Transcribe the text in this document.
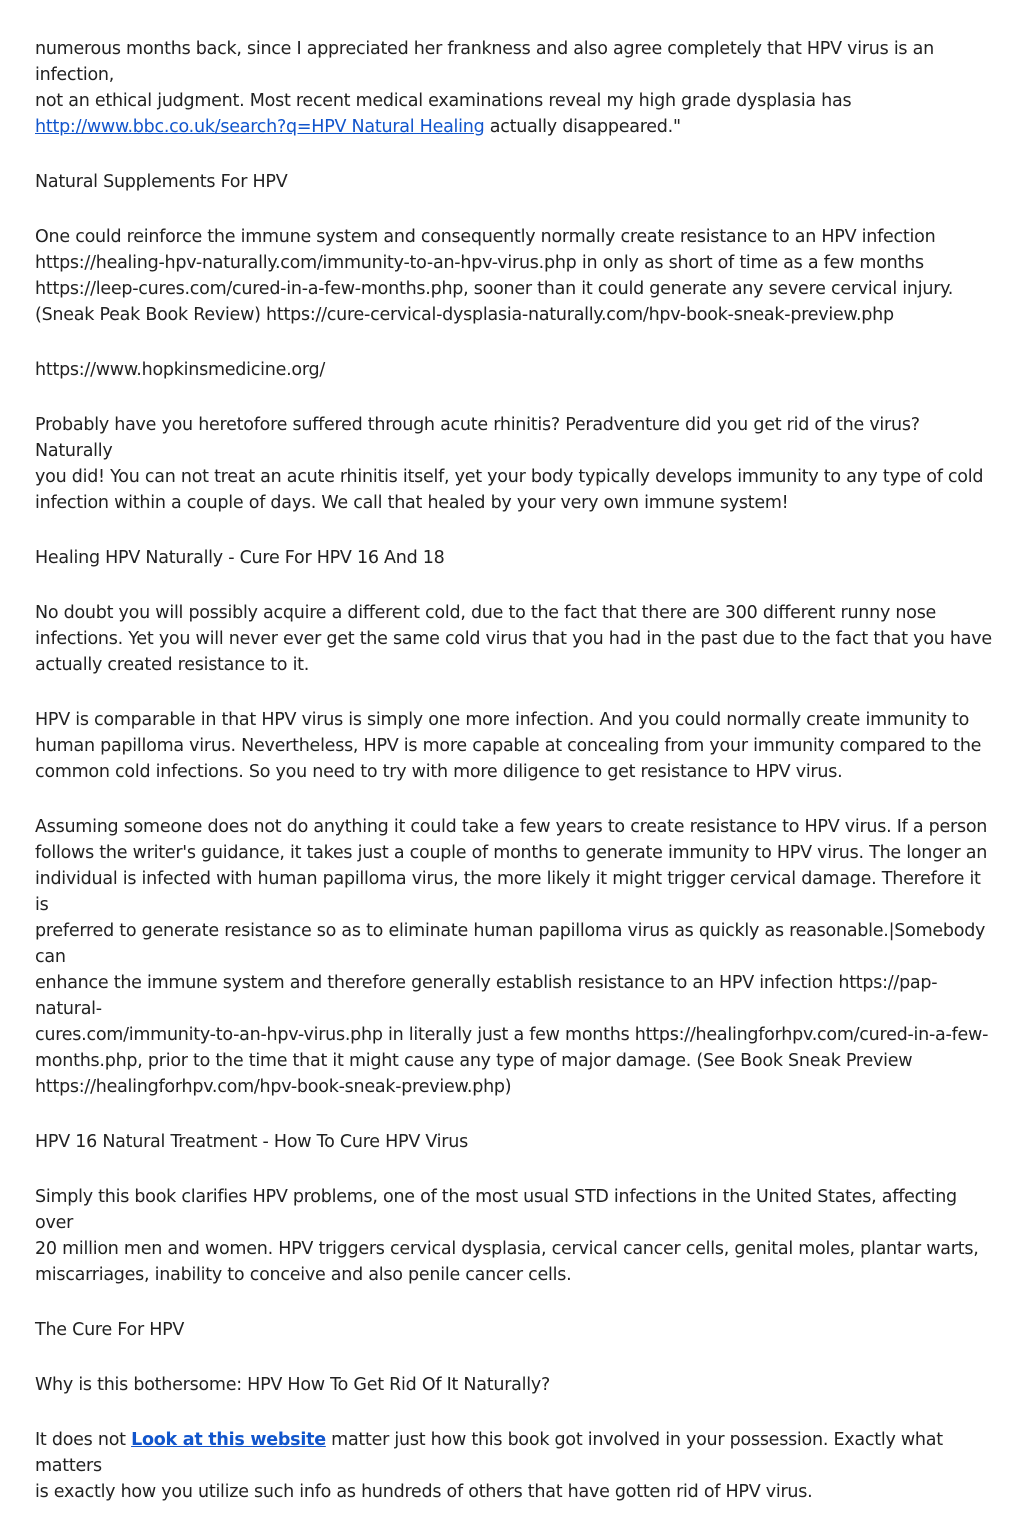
numerous months back, since I appreciated her frankness and also agree completely that HPV virus is an infection,
not an ethical judgment. Most recent medical examinations reveal my high grade dysplasia has
http://www.bbc.co.uk/search?q=HPV Natural Healing actually disappeared."

Natural Supplements For HPV

One could reinforce the immune system and consequently normally create resistance to an HPV infection
https://healing-hpv-naturally.com/immunity-to-an-hpv-virus.php in only as short of time as a few months
https://leep-cures.com/cured-in-a-few-months.php, sooner than it could generate any severe cervical injury.
(Sneak Peak Book Review) https://cure-cervical-dysplasia-naturally.com/hpv-book-sneak-preview.php

https://www.hopkinsmedicine.org/

Probably have you heretofore suffered through acute rhinitis? Peradventure did you get rid of the virus? Naturally
you did! You can not treat an acute rhinitis itself, yet your body typically develops immunity to any type of cold
infection within a couple of days. We call that healed by your very own immune system!

Healing HPV Naturally - Cure For HPV 16 And 18

No doubt you will possibly acquire a different cold, due to the fact that there are 300 different runny nose
infections. Yet you will never ever get the same cold virus that you had in the past due to the fact that you have
actually created resistance to it.

HPV is comparable in that HPV virus is simply one more infection. And you could normally create immunity to
human papilloma virus. Nevertheless, HPV is more capable at concealing from your immunity compared to the
common cold infections. So you need to try with more diligence to get resistance to HPV virus.

Assuming someone does not do anything it could take a few years to create resistance to HPV virus. If a person
follows the writer's guidance, it takes just a couple of months to generate immunity to HPV virus. The longer an
individual is infected with human papilloma virus, the more likely it might trigger cervical damage. Therefore it is
preferred to generate resistance so as to eliminate human papilloma virus as quickly as reasonable.|Somebody can
enhance the immune system and therefore generally establish resistance to an HPV infection https://pap-natural-
cures.com/immunity-to-an-hpv-virus.php in literally just a few months https://healingforhpv.com/cured-in-a-few-
months.php, prior to the time that it might cause any type of major damage. (See Book Sneak Preview
https://healingforhpv.com/hpv-book-sneak-preview.php)

HPV 16 Natural Treatment - How To Cure HPV Virus

Simply this book clarifies HPV problems, one of the most usual STD infections in the United States, affecting over
20 million men and women. HPV triggers cervical dysplasia, cervical cancer cells, genital moles, plantar warts,
miscarriages, inability to conceive and also penile cancer cells.

The Cure For HPV

Why is this bothersome: HPV How To Get Rid Of It Naturally?

It does not Look at this website matter just how this book got involved in your possession. Exactly what matters
is exactly how you utilize such info as hundreds of others that have gotten rid of HPV virus.
